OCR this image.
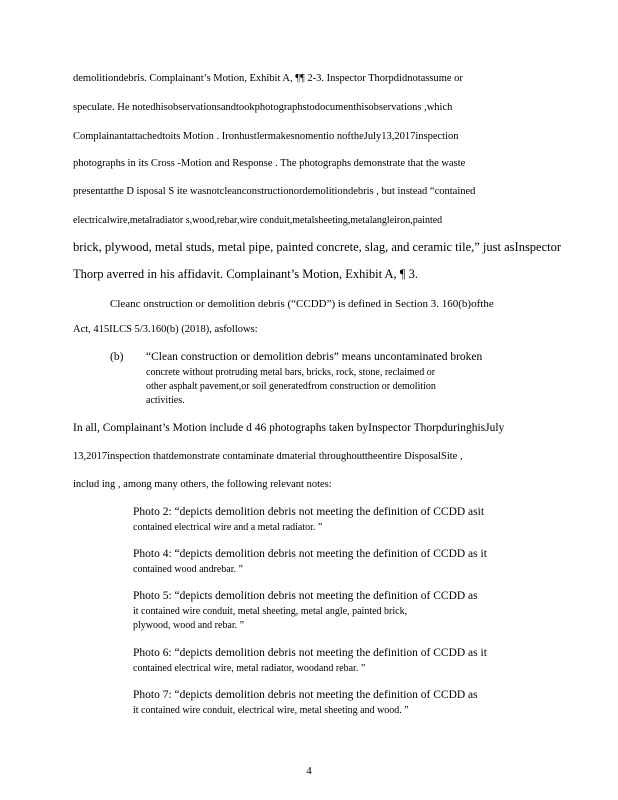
demolitiondebris. Complainant’s Motion, Exhibit A, ¶¶ 2-3. Inspector Thorpdidnotassume or
speculate. He notedhisobservationsandtookphotographstodocumenthisobservations ,which
Complainantattachedtoits Motion . Ironhustlermakesnomentio noftheJuly13,2017inspection
photographs in its Cross -Motion and Response . The photographs demonstrate that the waste
presentatthe D isposal S ite wasnotcleanconstructionordemolitiondebris , but instead “contained
electricalwire,metalradiator s,wood,rebar,wire conduit,metalsheeting,metalangleiron,painted
brick, plywood, metal studs, metal pipe, painted concrete, slag, and ceramic tile,” just asInspector
Thorp averred in his affidavit. Complainant’s Motion, Exhibit A, ¶ 3.
Cleanc onstruction or demolition debris (“CCDD”) is defined in Section 3. 160(b)ofthe
Act, 415ILCS 5/3.160(b) (2018), asfollows:
(b) “Clean construction or demolition debris” means uncontaminated broken
concrete without protruding metal bars, bricks, rock, stone, reclaimed or
other asphalt pavement,or soil generatedfrom construction or demolition
activities.
In all, Complainant’s Motion include d 46 photographs taken byInspector ThorpduringhisJuly
13,2017inspection thatdemonstrate contaminate dmaterial throughouttheentire DisposalSite ,
includ ing , among many others, the following relevant notes:
Photo 2: “depicts demolition debris not meeting the definition of CCDD asit
contained electrical wire and a metal radiator. ”
Photo 4: “depicts demolition debris not meeting the definition of CCDD as it
contained wood andrebar. ”
Photo 5: “depicts demolition debris not meeting the definition of CCDD as
it contained wire conduit, metal sheeting, metal angle, painted brick,
plywood, wood and rebar. ”
Photo 6: “depicts demolition debris not meeting the definition of CCDD as it
contained electrical wire, metal radiator, woodand rebar. ”
Photo 7: “depicts demolition debris not meeting the definition of CCDD as
it contained wire conduit, electrical wire, metal sheeting and wood. ”
4
